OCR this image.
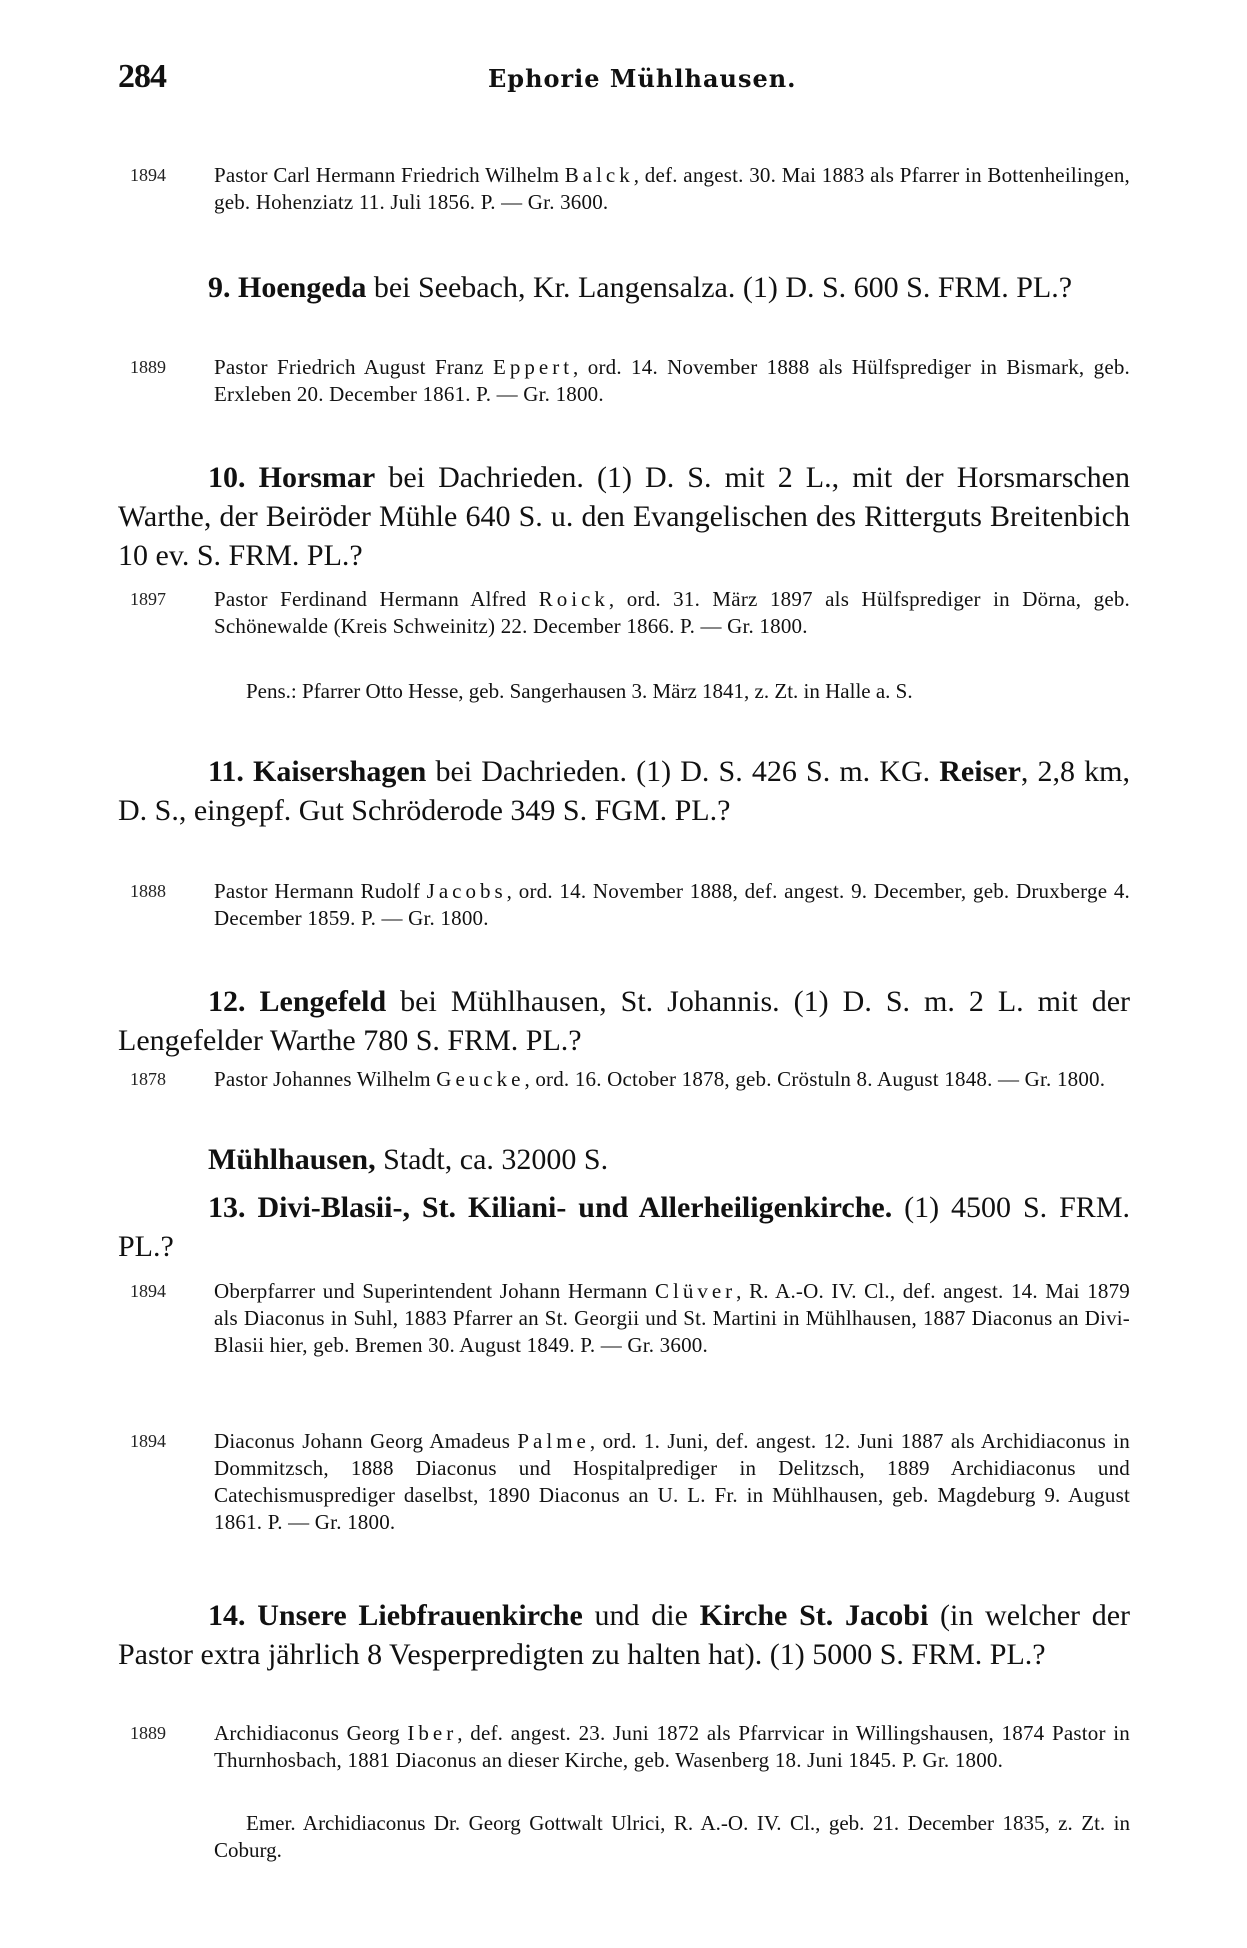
284	Ephorie Mühlhausen.
1894 Pastor Carl Hermann Friedrich Wilhelm Balck, def. angest. 30. Mai 1883 als Pfarrer in Bottenheilingen, geb. Hohenziatz 11. Juli 1856. P. — Gr. 3600.
9. Hoengeda bei Seebach, Kr. Langensalza. (1) D. S. 600 S. FRM. PL.?
1889 Pastor Friedrich August Franz Eppert, ord. 14. November 1888 als Hülfsprediger in Bismark, geb. Erxleben 20. December 1861. P. — Gr. 1800.
10. Horsmar bei Dachrieden. (1) D. S. mit 2 L., mit der Horsmarschen Warthe, der Beiröder Mühle 640 S. u. den Evangelischen des Ritterguts Breitenbich 10 ev. S. FRM. PL.?
1897 Pastor Ferdinand Hermann Alfred Roick, ord. 31. März 1897 als Hülfsprediger in Dörna, geb. Schönewalde (Kreis Schweinitz) 22. December 1866. P. — Gr. 1800.
Pens.: Pfarrer Otto Hesse, geb. Sangerhausen 3. März 1841, z. Zt. in Halle a. S.
11. Kaisershagen bei Dachrieden. (1) D. S. 426 S. m. KG. Reiser, 2,8 km, D. S., eingepf. Gut Schröderode 349 S. FGM. PL.?
1888 Pastor Hermann Rudolf Jacobs, ord. 14. November 1888, def. angest. 9. December, geb. Druxberge 4. December 1859. P. — Gr. 1800.
12. Lengefeld bei Mühlhausen, St. Johannis. (1) D. S. m. 2 L. mit der Lengefelder Warthe 780 S. FRM. PL.?
1878 Pastor Johannes Wilhelm Geucke, ord. 16. October 1878, geb. Cröstuln 8. August 1848. — Gr. 1800.
Mühlhausen, Stadt, ca. 32000 S.
13. Divi-Blasii-, St. Kiliani- und Allerheiligenkirche. (1) 4500 S. FRM. PL.?
1894 Oberpfarrer und Superintendent Johann Hermann Clüver, R. A.-O. IV. Cl., def. angest. 14. Mai 1879 als Diaconus in Suhl, 1883 Pfarrer an St. Georgii und St. Martini in Mühlhausen, 1887 Diaconus an Divi-Blasii hier, geb. Bremen 30. August 1849. P. — Gr. 3600.
1894 Diaconus Johann Georg Amadeus Palme, ord. 1. Juni, def. angest. 12. Juni 1887 als Archidiaconus in Dommitzsch, 1888 Diaconus und Hospitalprediger in Delitzsch, 1889 Archidiaconus und Catechismusprediger daselbst, 1890 Diaconus an U. L. Fr. in Mühlhausen, geb. Magdeburg 9. August 1861. P. — Gr. 1800.
14. Unsere Liebfrauenkirche und die Kirche St. Jacobi (in welcher der Pastor extra jährlich 8 Vesperpredigten zu halten hat). (1) 5000 S. FRM. PL.?
1889 Archidiaconus Georg Iber, def. angest. 23. Juni 1872 als Pfarrvicar in Willingshausen, 1874 Pastor in Thurnhosbach, 1881 Diaconus an dieser Kirche, geb. Wasenberg 18. Juni 1845. P. Gr. 1800.
Emer. Archidiaconus Dr. Georg Gottwalt Ulrici, R. A.-O. IV. Cl., geb. 21. December 1835, z. Zt. in Coburg.
